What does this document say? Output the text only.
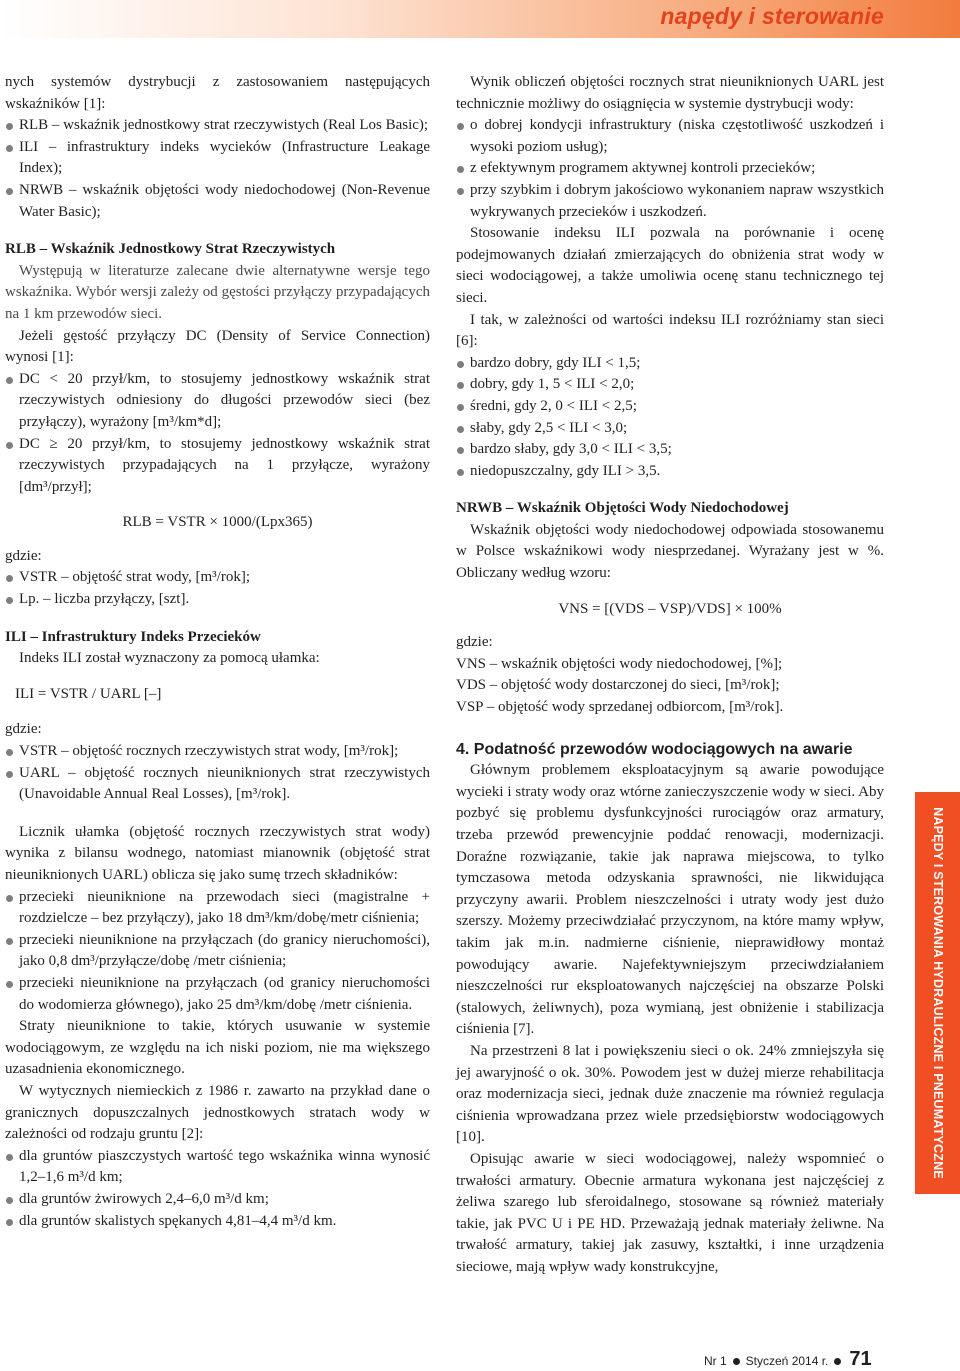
napędy i sterowanie

nych systemów dystrybucji z zastosowaniem następujących wskaźników [1]:

RLB – wskaźnik jednostkowy strat rzeczywistych (Real Los Basic);
ILI – infrastruktury indeks wycieków (Infrastructure Leakage Index);
NRWB – wskaźnik objętości wody niedochodowej (Non-Revenue Water Basic);

RLB – Wskaźnik Jednostkowy Strat Rzeczywistych

Występują w literaturze zalecane dwie alternatywne wersje tego wskaźnika. Wybór wersji zależy od gęstości przyłączy przypadających na 1 km przewodów sieci.

Jeżeli gęstość przyłączy DC (Density of Service Connection) wynosi [1]:

DC < 20 przył/km, to stosujemy jednostkowy wskaźnik strat rzeczywistych odniesiony do długości przewodów sieci (bez przyłączy), wyrażony [m³/km*d];
DC ≥ 20 przył/km, to stosujemy jednostkowy wskaźnik strat rzeczywistych przypadających na 1 przyłącze, wyrażony [dm³/przył];

RLB = VSTR × 1000/(Lpx365)

gdzie:

VSTR – objętość strat wody, [m³/rok];
Lp. – liczba przyłączy, [szt].

ILI – Infrastruktury Indeks Przecieków

Indeks ILI został wyznaczony za pomocą ułamka:

ILI = VSTR / UARL [–]

gdzie:

VSTR – objętość rocznych rzeczywistych strat wody, [m³/rok];
UARL – objętość rocznych nieuniknionych strat rzeczywistych (Unavoidable Annual Real Losses), [m³/rok].

Licznik ułamka (objętość rocznych rzeczywistych strat wody) wynika z bilansu wodnego, natomiast mianownik (objętość strat nieuniknionych UARL) oblicza się jako sumę trzech składników:

przecieki nieuniknione na przewodach sieci (magistralne + rozdzielcze – bez przyłączy), jako 18 dm³/km/dobę/metr ciśnienia;
przecieki nieuniknione na przyłączach (do granicy nieruchomości), jako 0,8 dm³/przyłącze/dobę /metr ciśnienia;
przecieki nieuniknione na przyłączach (od granicy nieruchomości do wodomierza głównego), jako 25 dm³/km/dobę /metr ciśnienia.

Straty nieuniknione to takie, których usuwanie w systemie wodociągowym, ze względu na ich niski poziom, nie ma większego uzasadnienia ekonomicznego.

W wytycznych niemieckich z 1986 r. zawarto na przykład dane o granicznych dopuszczalnych jednostkowych stratach wody w zależności od rodzaju gruntu [2]:

dla gruntów piaszczystych wartość tego wskaźnika winna wynosić 1,2–1,6 m³/d km;
dla gruntów żwirowych 2,4–6,0 m³/d km;
dla gruntów skalistych spękanych 4,81–4,4 m³/d km.

Wynik obliczeń objętości rocznych strat nieuniknionych UARL jest technicznie możliwy do osiągnięcia w systemie dystrybucji wody:

o dobrej kondycji infrastruktury (niska częstotliwość uszkodzeń i wysoki poziom usług);
z efektywnym programem aktywnej kontroli przecieków;
przy szybkim i dobrym jakościowo wykonaniem napraw wszystkich wykrywanych przecieków i uszkodzeń.

Stosowanie indeksu ILI pozwala na porównanie i ocenę podejmowanych działań zmierzających do obniżenia strat wody w sieci wodociągowej, a także umoliwia ocenę stanu technicznego tej sieci.

I tak, w zależności od wartości indeksu ILI rozróżniamy stan sieci [6]:

bardzo dobry, gdy ILI < 1,5;
dobry, gdy 1, 5 < ILI < 2,0;
średni, gdy 2, 0 < ILI < 2,5;
słaby, gdy 2,5 < ILI < 3,0;
bardzo słaby, gdy 3,0 < ILI < 3,5;
niedopuszczalny, gdy ILI > 3,5.

NRWB – Wskaźnik Objętości Wody Niedochodowej

Wskaźnik objętości wody niedochodowej odpowiada stosowanemu w Polsce wskaźnikowi wody niesprzedanej. Wyrażany jest w %. Obliczany według wzoru:

VNS = [(VDS – VSP)/VDS] × 100%

gdzie:

VNS – wskaźnik objętości wody niedochodowej, [%];

VDS – objętość wody dostarczonej do sieci, [m³/rok];

VSP – objętość wody sprzedanej odbiorcom, [m³/rok].

4. Podatność przewodów wodociągowych na awarie

Głównym problemem eksploatacyjnym są awarie powodujące wycieki i straty wody oraz wtórne zanieczyszczenie wody w sieci. Aby pozbyć się problemu dysfunkcyjności rurociągów oraz armatury, trzeba przewód prewencyjnie poddać renowacji, modernizacji. Doraźne rozwiązanie, takie jak naprawa miejscowa, to tylko tymczasowa metoda odzyskania sprawności, nie likwidująca przyczyny awarii. Problem nieszczelności i utraty wody jest dużo szerszy. Możemy przeciwdziałać przyczynom, na które mamy wpływ, takim jak m.in. nadmierne ciśnienie, nieprawidłowy montaż powodujący awarie. Najefektywniejszym przeciwdziałaniem nieszczelności rur eksploatowanych najczęściej na obszarze Polski (stalowych, żeliwnych), poza wymianą, jest obniżenie i stabilizacja ciśnienia [7].

Na przestrzeni 8 lat i powiększeniu sieci o ok. 24% zmniejszyła się jej awaryjność o ok. 30%. Powodem jest w dużej mierze rehabilitacja oraz modernizacja sieci, jednak duże znaczenie ma również regulacja ciśnienia wprowadzana przez wiele przedsiębiorstw wodociągowych [10].

Opisując awarie w sieci wodociągowej, należy wspomnieć o trwałości armatury. Obecnie armatura wykonana jest najczęściej z żeliwa szarego lub sferoidalnego, stosowane są również materiały takie, jak PVC U i PE HD. Przeważają jednak materiały żeliwne. Na trwałość armatury, takiej jak zasuwy, kształtki, i inne urządzenia sieciowe, mają wpływ wady konstrukcyjne,

NAPĘDY I STEROWANIA HYDRAULICZNE I PNEUMATYCZNE
Nr 1 Styczeń 2014 r. 71
